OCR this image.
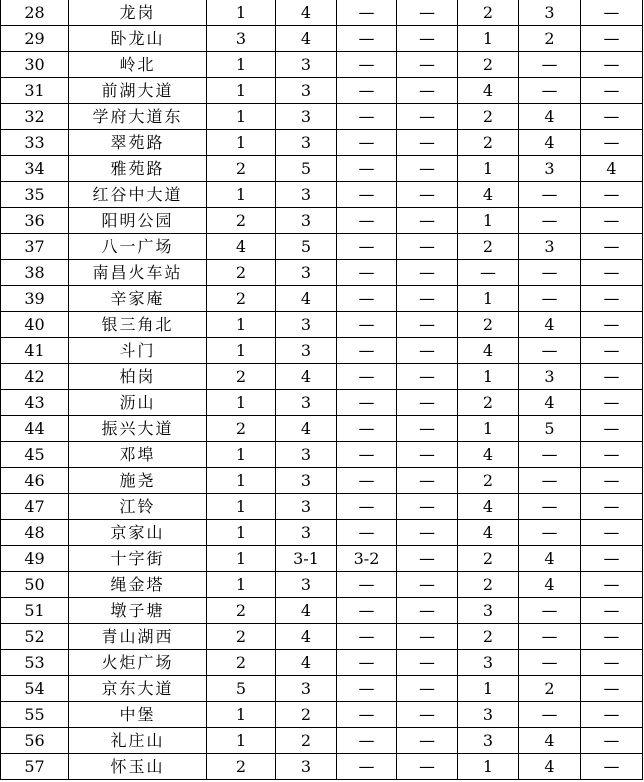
28	龙岗	1	4	—	—	2	3	—
29	卧龙山	3	4	—	—	1	2	—
30	岭北	1	3	—	—	2	—	—
31	前湖大道	1	3	—	—	4	—	—
32	学府大道东	1	3	—	—	2	4	—
33	翠苑路	1	3	—	—	2	4	—
34	雅苑路	2	5	—	—	1	3	4
35	红谷中大道	1	3	—	—	4	—	—
36	阳明公园	2	3	—	—	1	—	—
37	八一广场	4	5	—	—	2	3	—
38	南昌火车站	2	3	—	—	—	—	—
39	辛家庵	2	4	—	—	1	—	—
40	银三角北	1	3	—	—	2	4	—
41	斗门	1	3	—	—	4	—	—
42	柏岗	2	4	—	—	1	3	—
43	沥山	1	3	—	—	2	4	—
44	振兴大道	2	4	—	—	1	5	—
45	邓埠	1	3	—	—	4	—	—
46	施尧	1	3	—	—	2	—	—
47	江铃	1	3	—	—	4	—	—
48	京家山	1	3	—	—	4	—	—
49	十字街	1	3-1	3-2	—	2	4	—
50	绳金塔	1	3	—	—	2	4	—
51	墩子塘	2	4	—	—	3	—	—
52	青山湖西	2	4	—	—	2	—	—
53	火炬广场	2	4	—	—	3	—	—
54	京东大道	5	3	—	—	1	2	—
55	中堡	1	2	—	—	3	—	—
56	礼庄山	1	2	—	—	3	4	—
57	怀玉山	2	3	—	—	1	4	—
